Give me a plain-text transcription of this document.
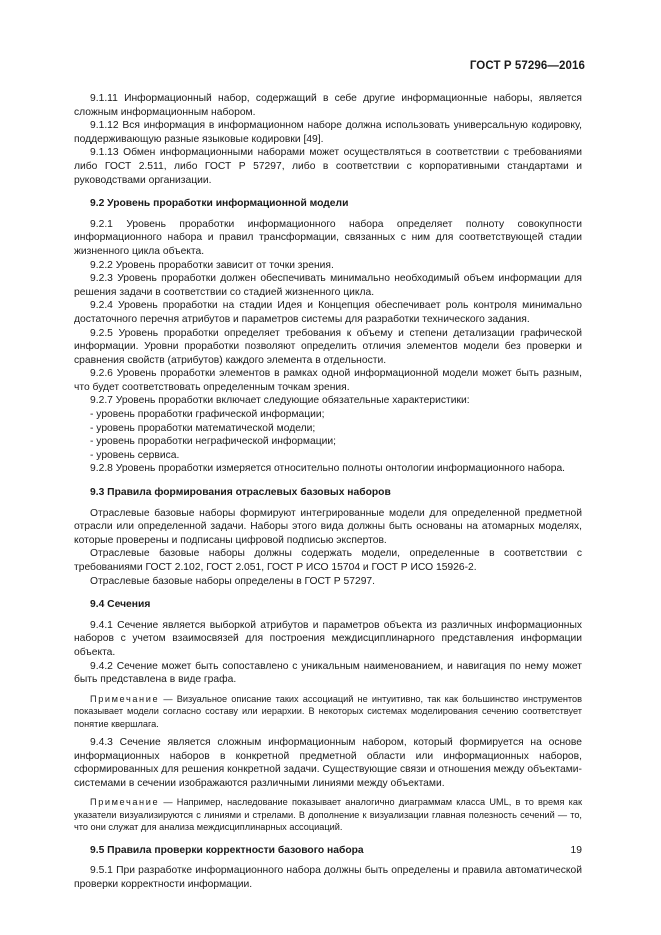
ГОСТ Р 57296—2016

9.1.11 Информационный набор, содержащий в себе другие информационные наборы, является сложным информационным набором.

9.1.12 Вся информация в информационном наборе должна использовать универсальную кодировку, поддерживающую разные языковые кодировки [49].

9.1.13 Обмен информационными наборами может осуществляться в соответствии с требованиями либо ГОСТ 2.511, либо ГОСТ Р 57297, либо в соответствии с корпоративными стандартами и руководствами организации.

9.2 Уровень проработки информационной модели

9.2.1 Уровень проработки информационного набора определяет полноту совокупности информационного набора и правил трансформации, связанных с ним для соответствующей стадии жизненного цикла объекта.

9.2.2 Уровень проработки зависит от точки зрения.

9.2.3 Уровень проработки должен обеспечивать минимально необходимый объем информации для решения задачи в соответствии со стадией жизненного цикла.

9.2.4 Уровень проработки на стадии Идея и Концепция обеспечивает роль контроля минимально достаточного перечня атрибутов и параметров системы для разработки технического задания.

9.2.5 Уровень проработки определяет требования к объему и степени детализации графической информации. Уровни проработки позволяют определить отличия элементов модели без проверки и сравнения свойств (атрибутов) каждого элемента в отдельности.

9.2.6 Уровень проработки элементов в рамках одной информационной модели может быть разным, что будет соответствовать определенным точкам зрения.

9.2.7 Уровень проработки включает следующие обязательные характеристики:

- уровень проработки графической информации;

- уровень проработки математической модели;

- уровень проработки неграфической информации;

- уровень сервиса.

9.2.8 Уровень проработки измеряется относительно полноты онтологии информационного набора.

9.3 Правила формирования отраслевых базовых наборов

Отраслевые базовые наборы формируют интегрированные модели для определенной предметной отрасли или определенной задачи. Наборы этого вида должны быть основаны на атомарных моделях, которые проверены и подписаны цифровой подписью экспертов.

Отраслевые базовые наборы должны содержать модели, определенные в соответствии с требованиями ГОСТ 2.102, ГОСТ 2.051, ГОСТ Р ИСО 15704 и ГОСТ Р ИСО 15926-2.

Отраслевые базовые наборы определены в ГОСТ Р 57297.

9.4 Сечения

9.4.1 Сечение является выборкой атрибутов и параметров объекта из различных информационных наборов с учетом взаимосвязей для построения междисциплинарного представления информации объекта.

9.4.2 Сечение может быть сопоставлено с уникальным наименованием, и навигация по нему может быть представлена в виде графа.

Примечание — Визуальное описание таких ассоциаций не интуитивно, так как большинство инструментов показывает модели согласно составу или иерархии. В некоторых системах моделирования сечению соответствует понятие квершлага.

9.4.3 Сечение является сложным информационным набором, который формируется на основе информационных наборов в конкретной предметной области или информационных наборов, сформированных для решения конкретной задачи. Существующие связи и отношения между объектами-системами в сечении изображаются различными линиями между объектами.

Примечание — Например, наследование показывает аналогично диаграммам класса UML, в то время как указатели визуализируются с линиями и стрелами. В дополнение к визуализации главная полезность сечений — то, что они служат для анализа междисциплинарных ассоциаций.

9.5 Правила проверки корректности базового набора

9.5.1 При разработке информационного набора должны быть определены и правила автоматической проверки корректности информации.

19
